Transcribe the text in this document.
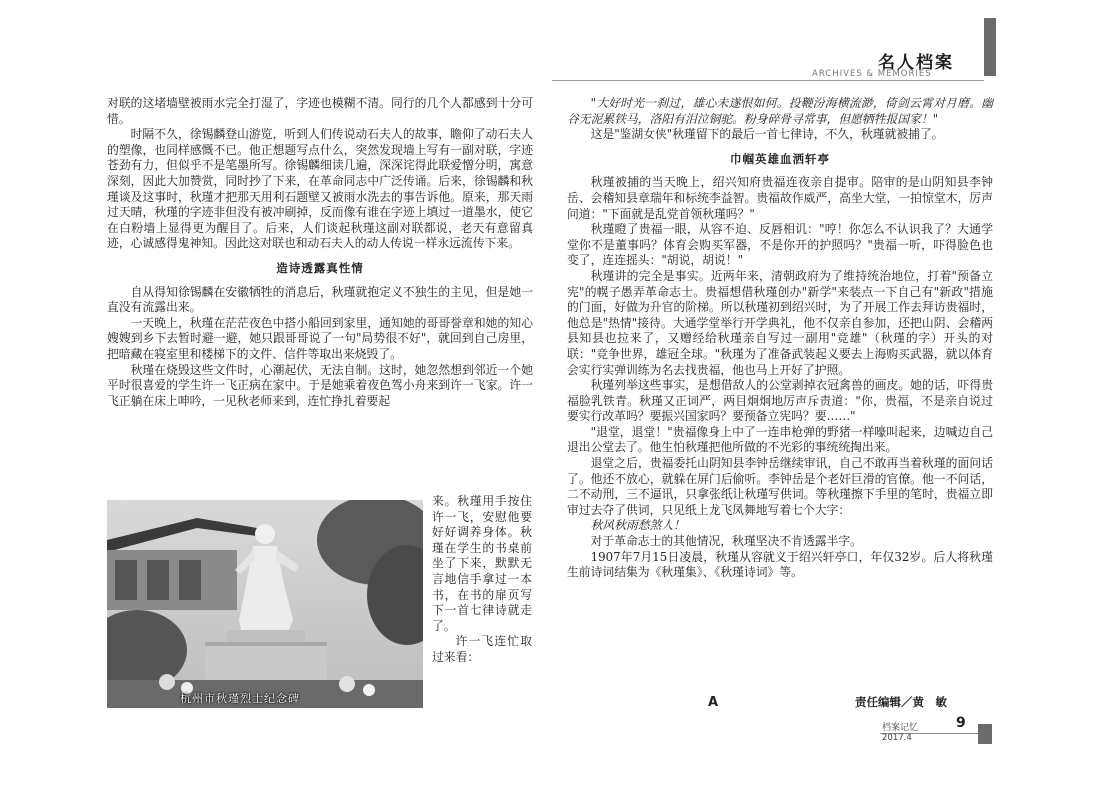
名人档案
ARCHIVES & MEMORIES

对联的这堵墙壁被雨水完全打湿了，字迹也模糊不清。同行的几个人都感到十分可惜。

时隔不久，徐锡麟登山游览，听到人们传说动石夫人的故事，瞻仰了动石夫人的塑像，也同样感慨不已。他正想题写点什么，突然发现墙上写有一副对联，字迹苍劲有力，但似乎不是笔墨所写。徐锡麟细读几遍，深深诧得此联爱憎分明，寓意深刻，因此大加赞赏，同时抄了下来，在革命同志中广泛传诵。后来，徐锡麟和秋瑾谈及这事时，秋瑾才把那天用利石题壁又被雨水洗去的事告诉他。原来，那天雨过天晴，秋瑾的字迹非但没有被冲刷掉，反而像有谁在字迹上填过一道墨水，使它在白粉墙上显得更为醒目了。后来，人们谈起秋瑾这副对联都说，老天有意留真迹，心诚感得鬼神知。因此这对联也和动石夫人的动人传说一样永远流传下来。

造诗透露真性情

自从得知徐锡麟在安徽牺牲的消息后，秋瑾就抱定义不独生的主见，但是她一直没有流露出来。

一天晚上，秋瑾在茫茫夜色中搭小船回到家里，通知她的哥哥誉章和她的知心嫂嫂到乡下去暂时避一避，她只跟哥哥说了一句"局势很不好"，就回到自己房里，把暗藏在寝室里和楼梯下的文件、信件等取出来烧毁了。

秋瑾在烧毁这些文件时，心潮起伏，无法自制。这时，她忽然想到邻近一个她平时很喜爱的学生许一飞正病在家中。于是她乘着夜色驾小舟来到许一飞家。许一飞正躺在床上呻吟，一见秋老师来到，连忙挣扎着要起

来。秋瑾用手按住许一飞，安慰他要好好调养身体。秋瑾在学生的书桌前坐了下来，默默无言地信手拿过一本书，在书的扉页写下一首七律诗就走了。

许一飞连忙取过来看：

杭州市秋瑾烈士纪念碑

"大好时光一刹过，雄心未遂恨如何。投鞭汾海横流渺，倚剑云霄对月磨。幽谷无泥累铁马，洛阳有泪泣铜驼。粉身碎骨寻常事，但愿牺牲报国家！"

这是"鉴湖女侠"秋瑾留下的最后一首七律诗，不久，秋瑾就被捕了。

巾帼英雄血洒轩亭

秋瑾被捕的当天晚上，绍兴知府贵福连夜亲自提审。陪审的是山阴知县李钟岳、会稽知县章瑞年和标统李益智。贵福故作威严，高坐大堂，一拍惊堂木，厉声问道："下面就是乱党首领秋瑾吗？"

秋瑾瞪了贵福一眼，从容不迫、反唇相讥："哼！你怎么不认识我了？大通学堂你不是董事吗？体育会购买军器，不是你开的护照吗？"贵福一听，吓得脸色也变了，连连摇头："胡说，胡说！"

秋瑾讲的完全是事实。近两年来，清朝政府为了维持统治地位，打着"预备立宪"的幌子愚弄革命志士。贵福想借秋瑾创办"新学"来装点一下自己有"新政"措施的门面，好做为升官的阶梯。所以秋瑾初到绍兴时，为了开展工作去拜访贵福时，他总是"热情"接待。大通学堂举行开学典礼，他不仅亲自参加，还把山阴、会稽两县知县也拉来了，又赠经给秋瑾亲自写过一副用"竞雄"（秋瑾的字）开头的对联："竞争世界，雄冠全球。"秋瑾为了准备武装起义要去上海购买武器，就以体育会实行实弹训练为名去找贵福，他也马上开好了护照。

秋瑾列举这些事实，是想借敌人的公堂剥掉衣冠禽兽的画皮。她的话，吓得贵福脸乳铁青。秋瑾又正词严，两目炯炯地厉声斥责道："你，贵福，不是亲自说过要实行改革吗？要振兴国家吗？要预备立宪吗？要……"

"退堂，退堂！"贵福像身上中了一连串枪弹的野猪一样嚎叫起来，边喊边自己退出公堂去了。他生怕秋瑾把他所做的不光彩的事统统掏出来。

退堂之后，贵福委托山阴知县李钟岳继续审讯，自己不敢再当着秋瑾的面问话了。他还不放心，就躲在屏门后偷听。李钟岳是个老奸巨滑的官僚。他一不问话，二不动刑，三不逼讯，只拿张纸让秋瑾写供词。等秋瑾擦下手里的笔时，贵福立即审过去夺了供词，只见纸上龙飞凤舞地写着七个大字：

秋风秋雨愁煞人！

对于革命志士的其他情况，秋瑾坚决不肯透露半字。

1907年7月15日凌晨，秋瑾从容就义于绍兴轩亭口，年仅32岁。后人将秋瑾生前诗词结集为《秋瑾集》、《秋瑾诗词》等。

A	责任编辑／黄　敏
档案记忆	9
2017.4
